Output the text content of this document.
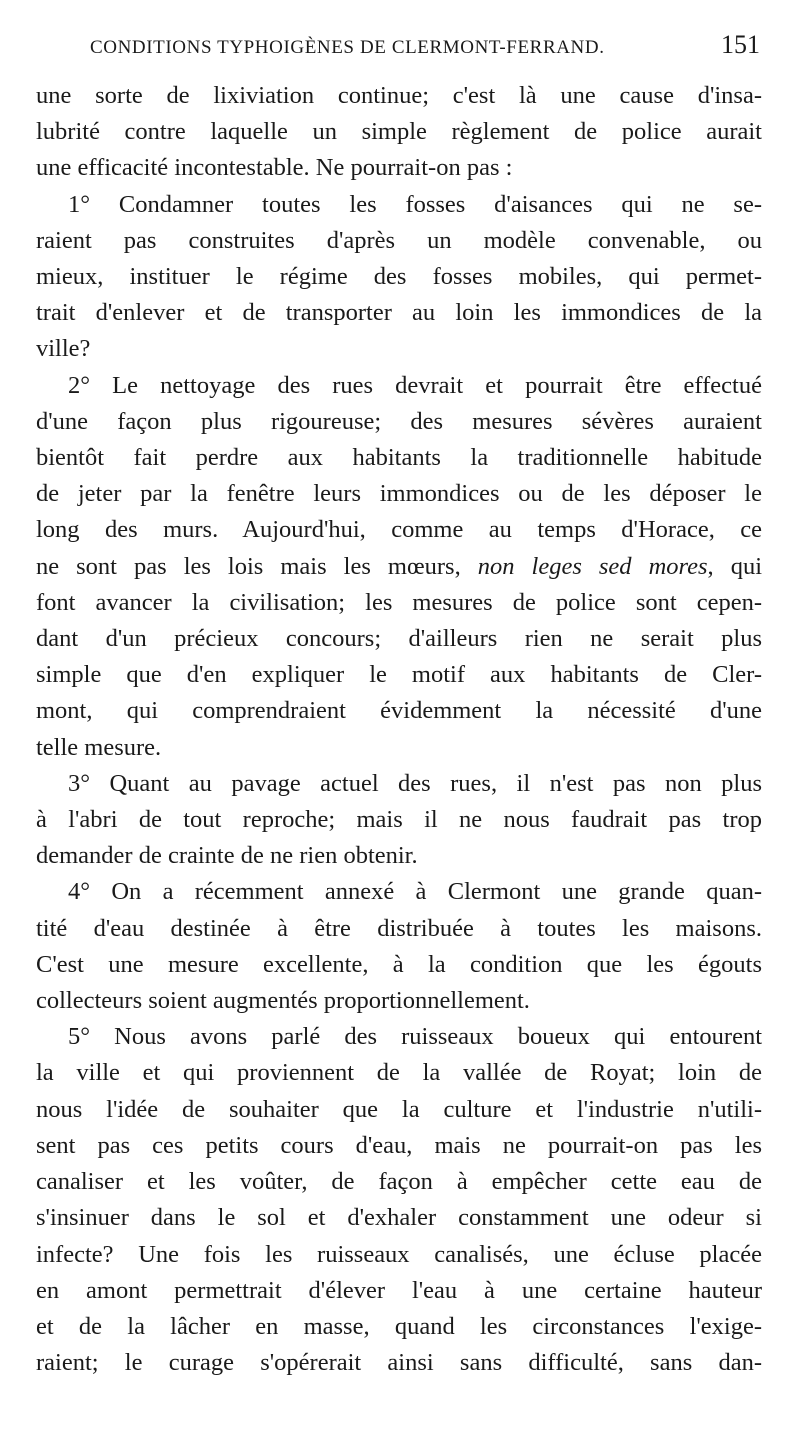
CONDITIONS TYPHOIGÈNES DE CLERMONT-FERRAND.	151

une sorte de lixiviation continue; c'est là une cause d'insa-
lubrité contre laquelle un simple règlement de police aurait
une efficacité incontestable. Ne pourrait-on pas :

1° Condamner toutes les fosses d'aisances qui ne se-
raient pas construites d'après un modèle convenable, ou
mieux, instituer le régime des fosses mobiles, qui permet-
trait d'enlever et de transporter au loin les immondices de la
ville?

2° Le nettoyage des rues devrait et pourrait être effectué
d'une façon plus rigoureuse; des mesures sévères auraient
bientôt fait perdre aux habitants la traditionnelle habitude
de jeter par la fenêtre leurs immondices ou de les déposer le
long des murs. Aujourd'hui, comme au temps d'Horace, ce
ne sont pas les lois mais les mœurs, non leges sed mores, qui
font avancer la civilisation; les mesures de police sont cepen-
dant d'un précieux concours; d'ailleurs rien ne serait plus
simple que d'en expliquer le motif aux habitants de Cler-
mont, qui comprendraient évidemment la nécessité d'une
telle mesure.

3° Quant au pavage actuel des rues, il n'est pas non plus
à l'abri de tout reproche; mais il ne nous faudrait pas trop
demander de crainte de ne rien obtenir.

4° On a récemment annexé à Clermont une grande quan-
tité d'eau destinée à être distribuée à toutes les maisons.
C'est une mesure excellente, à la condition que les égouts
collecteurs soient augmentés proportionnellement.

5° Nous avons parlé des ruisseaux boueux qui entourent
la ville et qui proviennent de la vallée de Royat; loin de
nous l'idée de souhaiter que la culture et l'industrie n'utili-
sent pas ces petits cours d'eau, mais ne pourrait-on pas les
canaliser et les voûter, de façon à empêcher cette eau de
s'insinuer dans le sol et d'exhaler constamment une odeur si
infecte? Une fois les ruisseaux canalisés, une écluse placée
en amont permettrait d'élever l'eau à une certaine hauteur
et de la lâcher en masse, quand les circonstances l'exige-
raient; le curage s'opérerait ainsi sans difficulté, sans dan-
